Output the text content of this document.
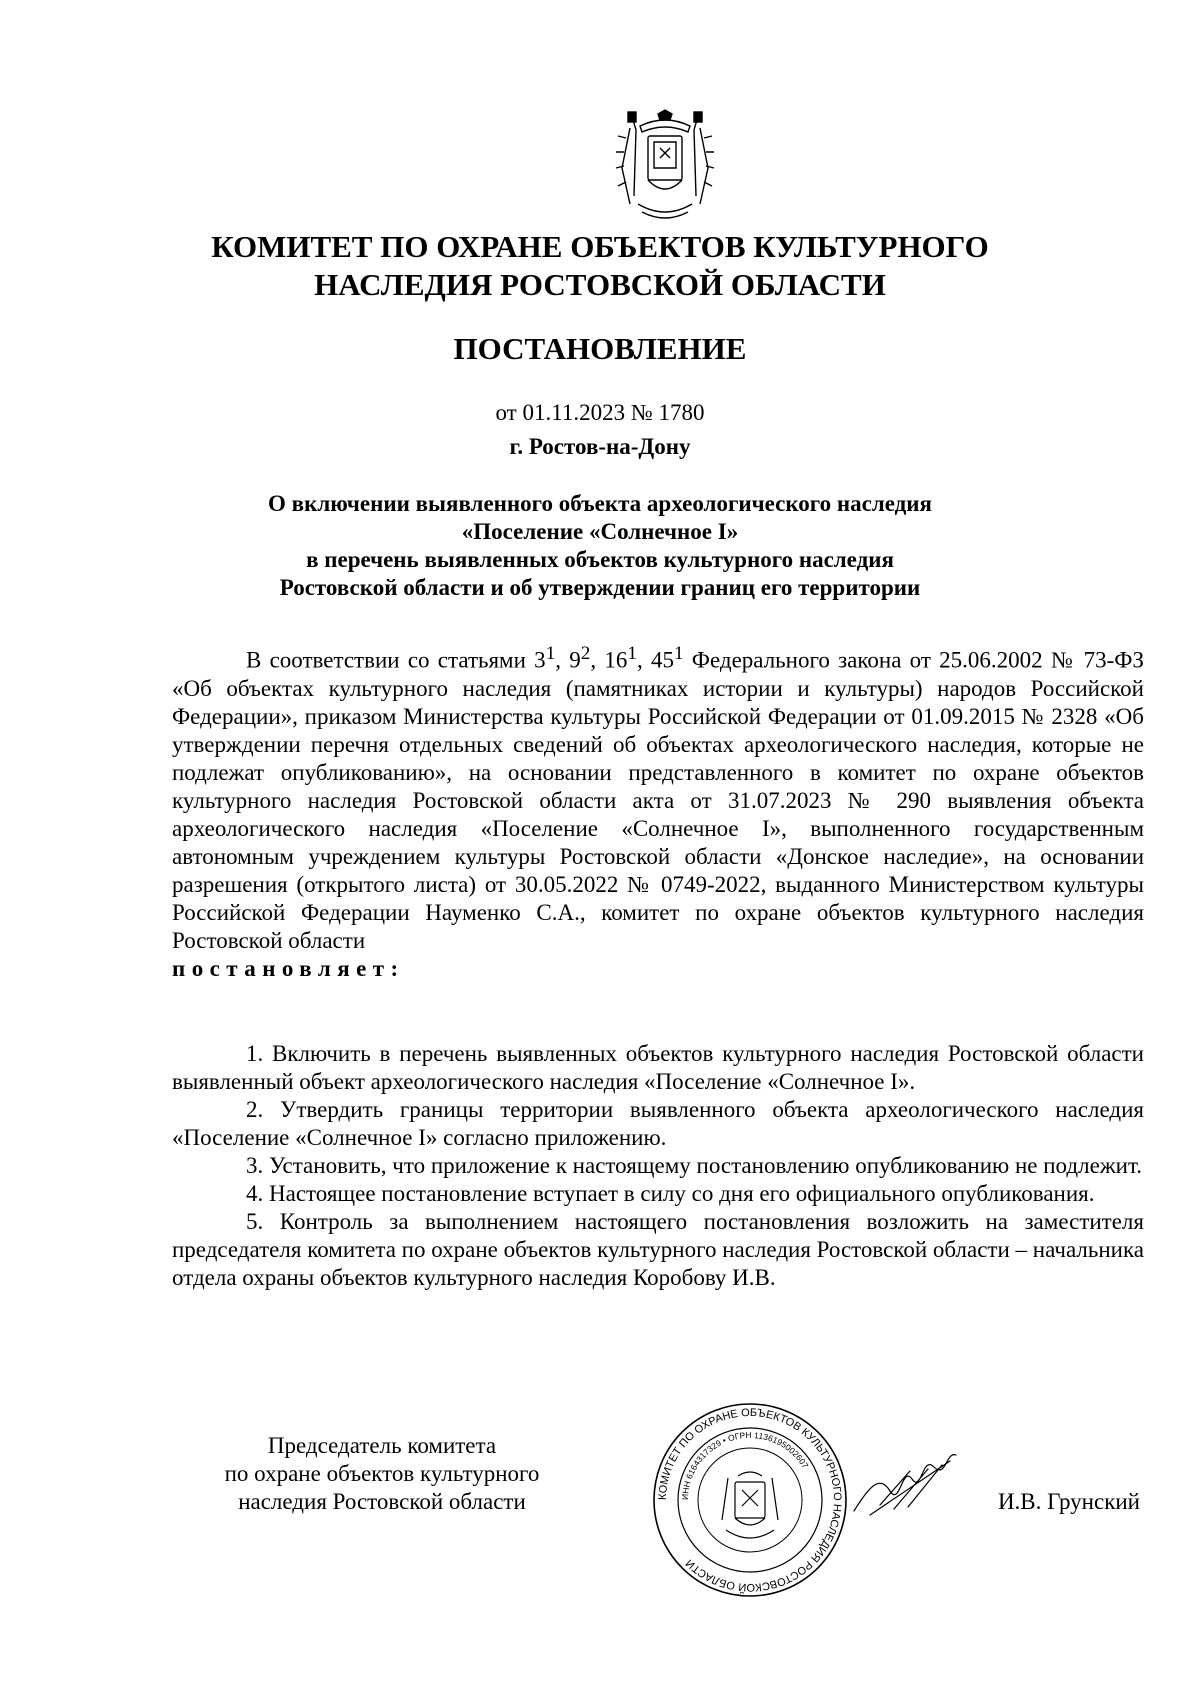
КОМИТЕТ ПО ОХРАНЕ ОБЪЕКТОВ КУЛЬТУРНОГО
НАСЛЕДИЯ РОСТОВСКОЙ ОБЛАСТИ
ПОСТАНОВЛЕНИЕ
от 01.11.2023 № 1780
г. Ростов-на-Дону
О включении выявленного объекта археологического наследия
«Поселение «Солнечное I»
в перечень выявленных объектов культурного наследия
Ростовской области и об утверждении границ его территории

В соответствии со статьями $3^1$, $9^2$, $16^1$, $45^1$ Федерального закона от 25.06.2002 № 73-ФЗ «Об объектах культурного наследия (памятниках истории и культуры) народов Российской Федерации», приказом Министерства культуры Российской Федерации от 01.09.2015 № 2328 «Об утверждении перечня отдельных сведений об объектах археологического наследия, которые не подлежат опубликованию», на основании представленного в комитет по охране объектов культурного наследия Ростовской области акта от 31.07.2023 № 290 выявления объекта археологического наследия «Поселение «Солнечное I», выполненного государственным автономным учреждением культуры Ростовской области «Донское наследие», на основании разрешения (открытого листа) от 30.05.2022 № 0749-2022, выданного Министерством культуры Российской Федерации Науменко С.А., комитет по охране объектов культурного наследия Ростовской области

постановляет:

1. Включить в перечень выявленных объектов культурного наследия Ростовской области выявленный объект археологического наследия «Поселение «Солнечное I».

2. Утвердить границы территории выявленного объекта археологического наследия «Поселение «Солнечное I» согласно приложению.

3. Установить, что приложение к настоящему постановлению опубликованию не подлежит.

4. Настоящее постановление вступает в силу со дня его официального опубликования.

5. Контроль за выполнением настоящего постановления возложить на заместителя председателя комитета по охране объектов культурного наследия Ростовской области – начальника отдела охраны объектов культурного наследия Коробову И.В.

Председатель комитета
по охране объектов культурного
наследия Ростовской области	КОМИТЕТ ПО ОХРАНЕ ОБЪЕКТОВ КУЛЬТУРНОГО НАСЛЕДИЯ РОСТОВСКОЙ ОБЛАСТИ
ИНН 6164317329 • ОГРН 1136195002607
И.В. Грунский
